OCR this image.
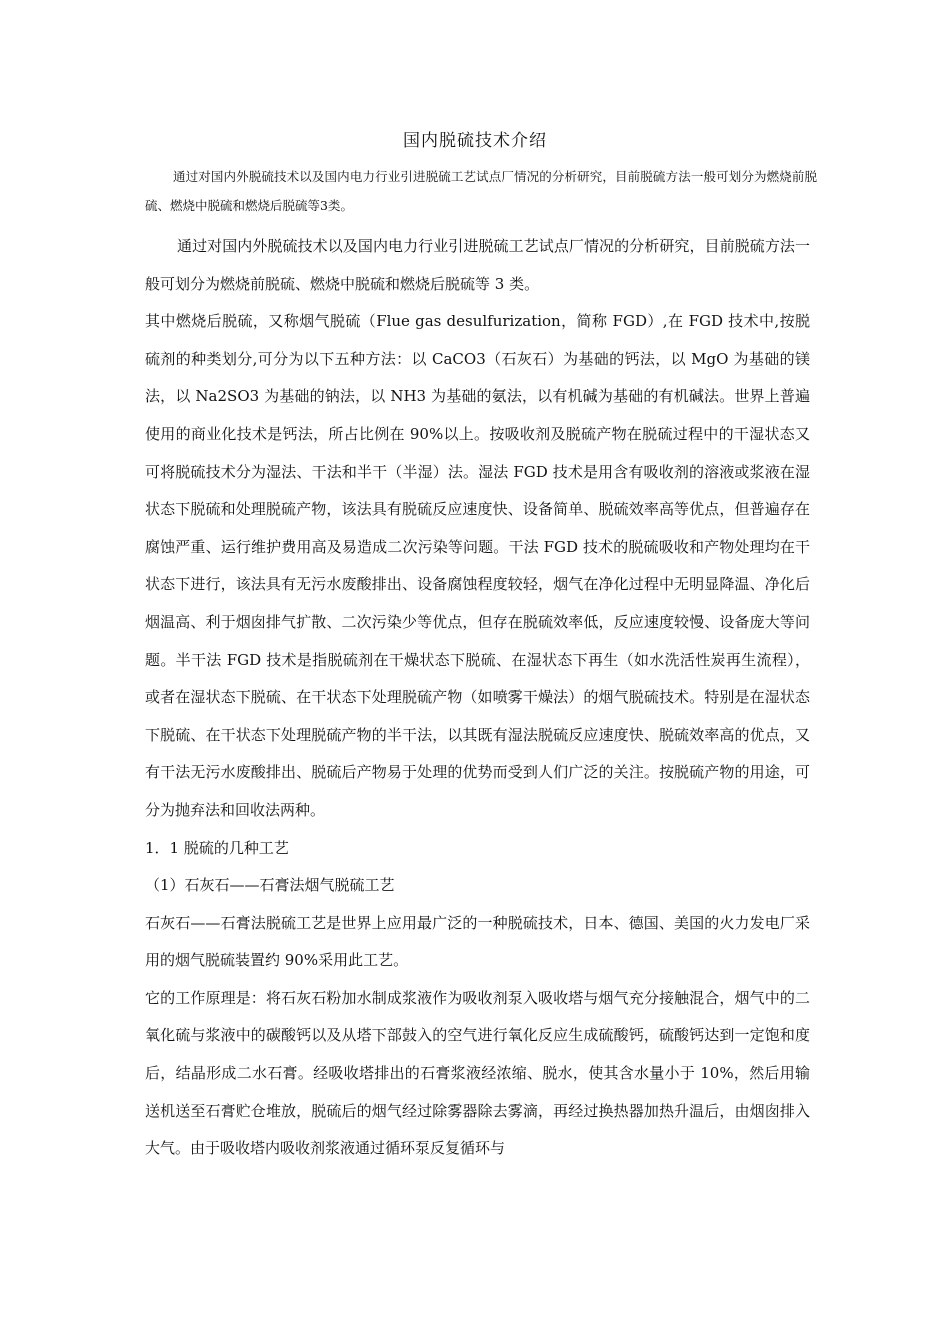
国内脱硫技术介绍

通过对国内外脱硫技术以及国内电力行业引进脱硫工艺试点厂情况的分析研究，目前脱硫方法一般可划分为燃烧前脱硫、燃烧中脱硫和燃烧后脱硫等3类。

通过对国内外脱硫技术以及国内电力行业引进脱硫工艺试点厂情况的分析研究，目前脱硫方法一般可划分为燃烧前脱硫、燃烧中脱硫和燃烧后脱硫等 3 类。

其中燃烧后脱硫，又称烟气脱硫（Flue gas desulfurization，简称 FGD）,在 FGD 技术中,按脱硫剂的种类划分,可分为以下五种方法：以 CaCO3（石灰石）为基础的钙法，以 MgO 为基础的镁法，以 Na2SO3 为基础的钠法，以 NH3 为基础的氨法，以有机碱为基础的有机碱法。世界上普遍使用的商业化技术是钙法，所占比例在 90%以上。按吸收剂及脱硫产物在脱硫过程中的干湿状态又可将脱硫技术分为湿法、干法和半干（半湿）法。湿法 FGD 技术是用含有吸收剂的溶液或浆液在湿状态下脱硫和处理脱硫产物，该法具有脱硫反应速度快、设备简单、脱硫效率高等优点，但普遍存在腐蚀严重、运行维护费用高及易造成二次污染等问题。干法 FGD 技术的脱硫吸收和产物处理均在干状态下进行，该法具有无污水废酸排出、设备腐蚀程度较轻，烟气在净化过程中无明显降温、净化后烟温高、利于烟囱排气扩散、二次污染少等优点，但存在脱硫效率低，反应速度较慢、设备庞大等问题。半干法 FGD 技术是指脱硫剂在干燥状态下脱硫、在湿状态下再生（如水洗活性炭再生流程），或者在湿状态下脱硫、在干状态下处理脱硫产物（如喷雾干燥法）的烟气脱硫技术。特别是在湿状态下脱硫、在干状态下处理脱硫产物的半干法，以其既有湿法脱硫反应速度快、脱硫效率高的优点，又有干法无污水废酸排出、脱硫后产物易于处理的优势而受到人们广泛的关注。按脱硫产物的用途，可分为抛弃法和回收法两种。

1．1 脱硫的几种工艺

（1）石灰石——石膏法烟气脱硫工艺

石灰石——石膏法脱硫工艺是世界上应用最广泛的一种脱硫技术，日本、德国、美国的火力发电厂采用的烟气脱硫装置约 90%采用此工艺。

它的工作原理是：将石灰石粉加水制成浆液作为吸收剂泵入吸收塔与烟气充分接触混合，烟气中的二氧化硫与浆液中的碳酸钙以及从塔下部鼓入的空气进行氧化反应生成硫酸钙，硫酸钙达到一定饱和度后，结晶形成二水石膏。经吸收塔排出的石膏浆液经浓缩、脱水，使其含水量小于 10%，然后用输送机送至石膏贮仓堆放，脱硫后的烟气经过除雾器除去雾滴，再经过换热器加热升温后，由烟囱排入大气。由于吸收塔内吸收剂浆液通过循环泵反复循环与
